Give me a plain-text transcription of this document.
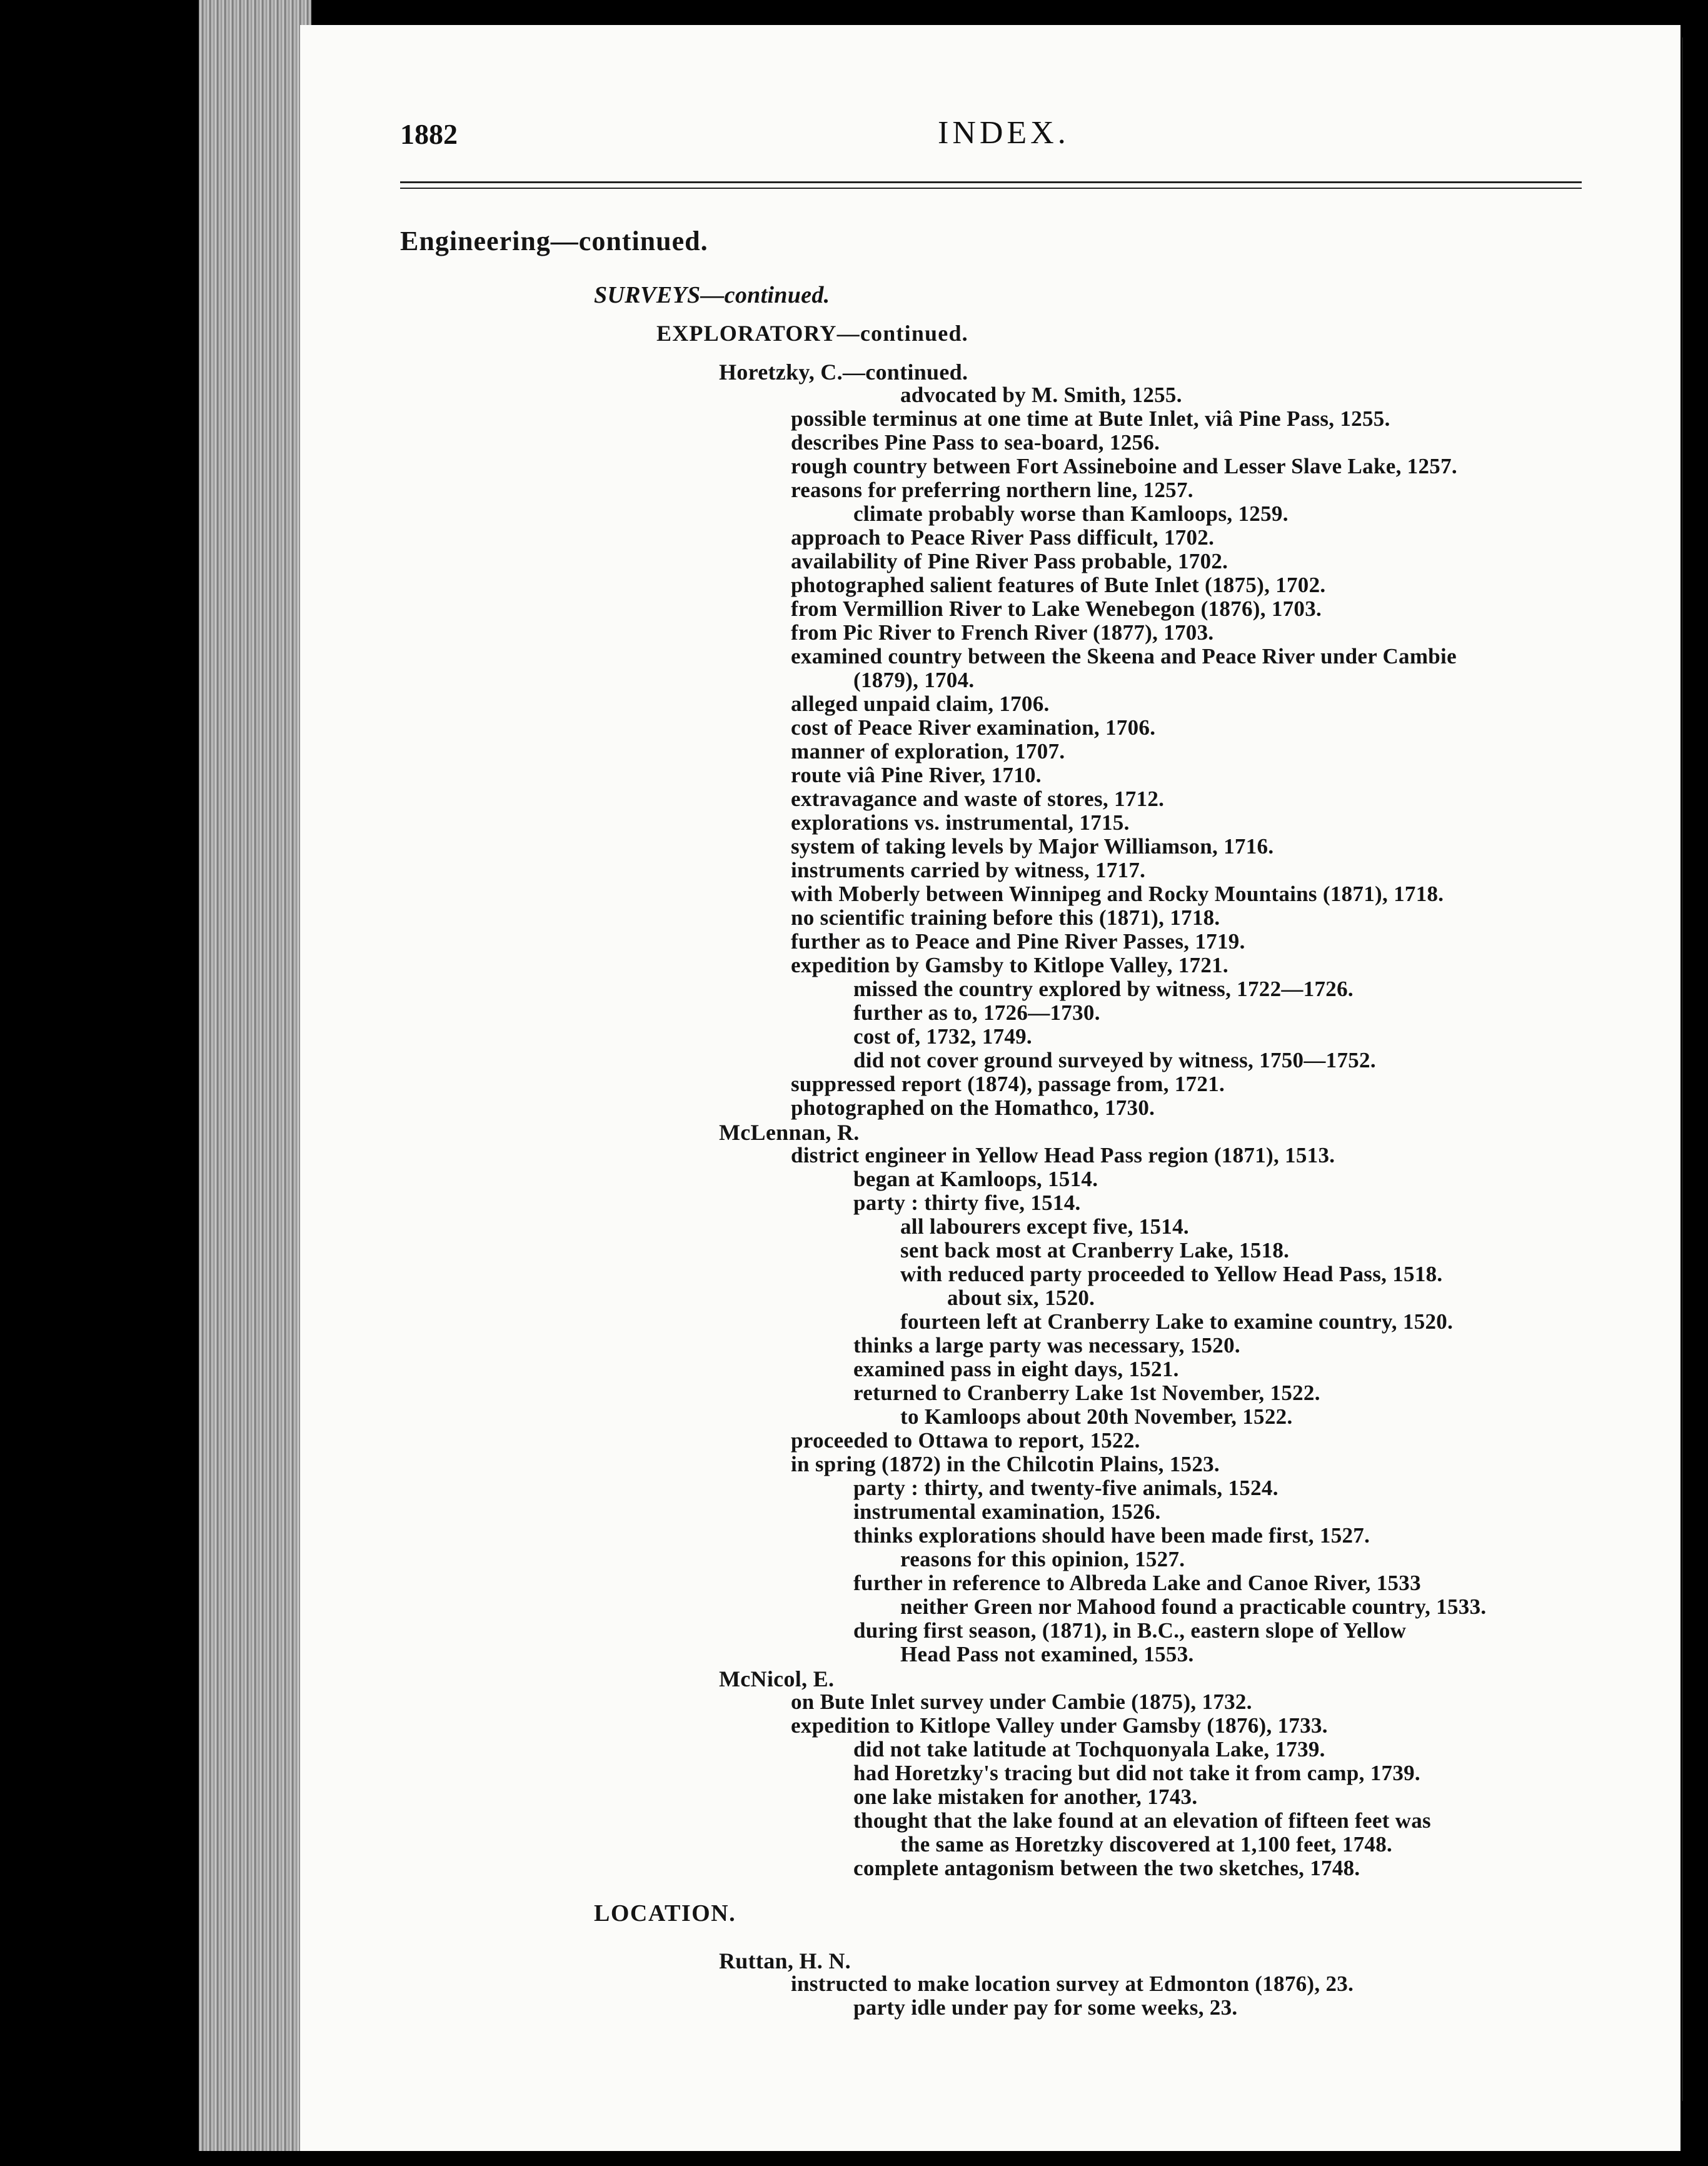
1882	INDEX.
Engineering—continued.
SURVEYS—continued.
EXPLORATORY—continued.
Horetzky, C.—continued.
advocated by M. Smith, 1255.
possible terminus at one time at Bute Inlet, viâ Pine Pass, 1255.
describes Pine Pass to sea-board, 1256.
rough country between Fort Assineboine and Lesser Slave Lake, 1257.
reasons for preferring northern line, 1257.
climate probably worse than Kamloops, 1259.
approach to Peace River Pass difficult, 1702.
availability of Pine River Pass probable, 1702.
photographed salient features of Bute Inlet (1875), 1702.
from Vermillion River to Lake Wenebegon (1876), 1703.
from Pic River to French River (1877), 1703.
examined country between the Skeena and Peace River under Cambie
(1879), 1704.
alleged unpaid claim, 1706.
cost of Peace River examination, 1706.
manner of exploration, 1707.
route viâ Pine River, 1710.
extravagance and waste of stores, 1712.
explorations vs. instrumental, 1715.
system of taking levels by Major Williamson, 1716.
instruments carried by witness, 1717.
with Moberly between Winnipeg and Rocky Mountains (1871), 1718.
no scientific training before this (1871), 1718.
further as to Peace and Pine River Passes, 1719.
expedition by Gamsby to Kitlope Valley, 1721.
missed the country explored by witness, 1722—1726.
further as to, 1726—1730.
cost of, 1732, 1749.
did not cover ground surveyed by witness, 1750—1752.
suppressed report (1874), passage from, 1721.
photographed on the Homathco, 1730.
McLennan, R.
district engineer in Yellow Head Pass region (1871), 1513.
began at Kamloops, 1514.
party : thirty five, 1514.
all labourers except five, 1514.
sent back most at Cranberry Lake, 1518.
with reduced party proceeded to Yellow Head Pass, 1518.
about six, 1520.
fourteen left at Cranberry Lake to examine country, 1520.
thinks a large party was necessary, 1520.
examined pass in eight days, 1521.
returned to Cranberry Lake 1st November, 1522.
to Kamloops about 20th November, 1522.
proceeded to Ottawa to report, 1522.
in spring (1872) in the Chilcotin Plains, 1523.
party : thirty, and twenty-five animals, 1524.
instrumental examination, 1526.
thinks explorations should have been made first, 1527.
reasons for this opinion, 1527.
further in reference to Albreda Lake and Canoe River, 1533
neither Green nor Mahood found a practicable country, 1533.
during first season, (1871), in B.C., eastern slope of Yellow
Head Pass not examined, 1553.
McNicol, E.
on Bute Inlet survey under Cambie (1875), 1732.
expedition to Kitlope Valley under Gamsby (1876), 1733.
did not take latitude at Tochquonyala Lake, 1739.
had Horetzky's tracing but did not take it from camp, 1739.
one lake mistaken for another, 1743.
thought that the lake found at an elevation of fifteen feet was
the same as Horetzky discovered at 1,100 feet, 1748.
complete antagonism between the two sketches, 1748.
LOCATION.
Ruttan, H. N.
instructed to make location survey at Edmonton (1876), 23.
party idle under pay for some weeks, 23.
